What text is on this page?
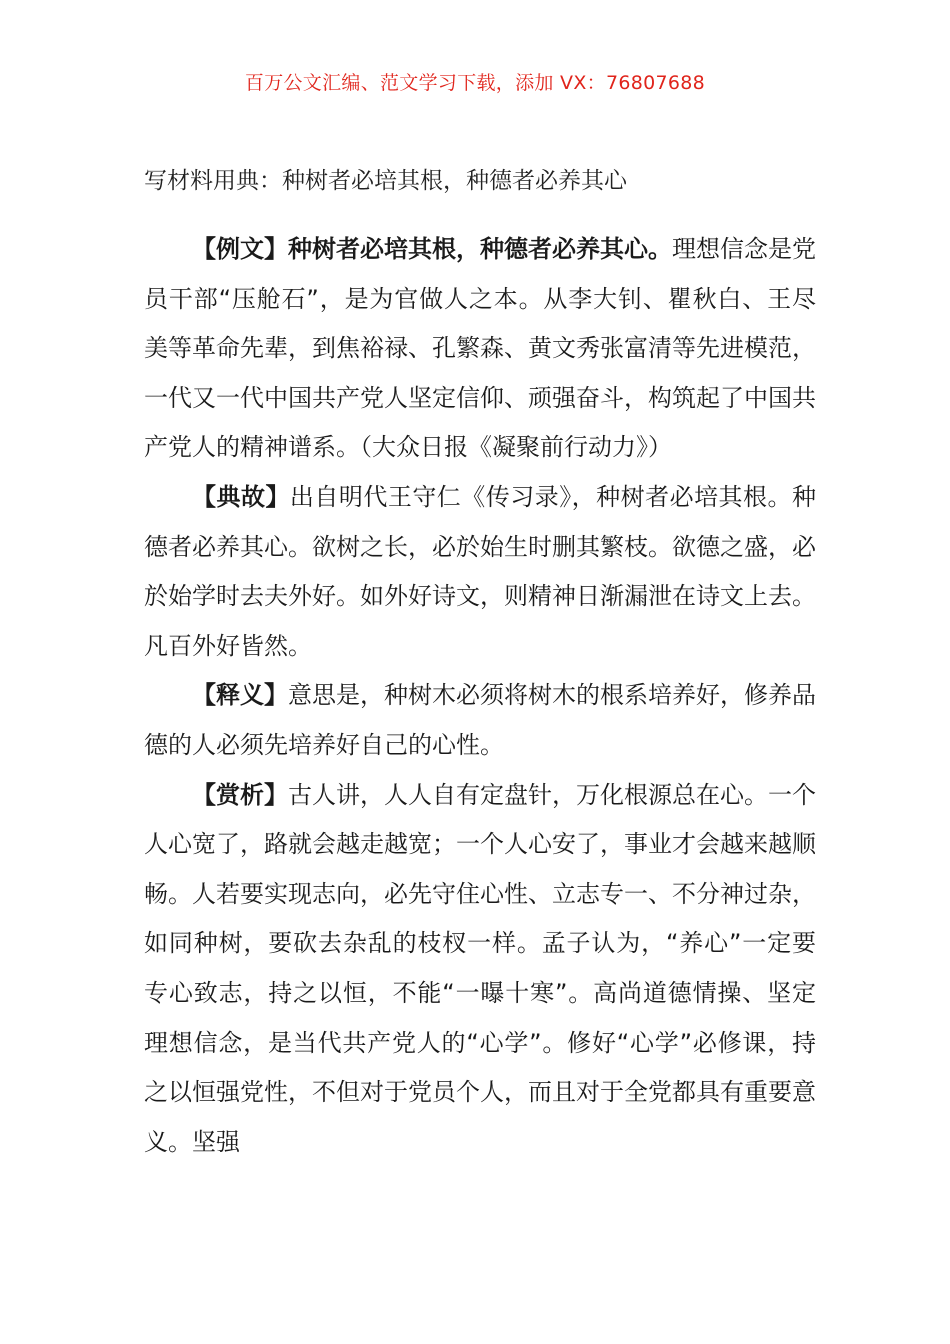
百万公文汇编、范文学习下载，添加 VX：76807688
写材料用典：种树者必培其根，种德者必养其心

【例文】种树者必培其根，种德者必养其心。理想信念是党员干部“压舱石”，是为官做人之本。从李大钊、瞿秋白、王尽美等革命先辈，到焦裕禄、孔繁森、黄文秀张富清等先进模范，一代又一代中国共产党人坚定信仰、顽强奋斗，构筑起了中国共产党人的精神谱系。（大众日报《凝聚前行动力》）

【典故】出自明代王守仁《传习录》，种树者必培其根。种德者必养其心。欲树之长，必於始生时删其繁枝。欲德之盛，必於始学时去夫外好。如外好诗文，则精神日渐漏泄在诗文上去。凡百外好皆然。

【释义】意思是，种树木必须将树木的根系培养好，修养品德的人必须先培养好自己的心性。

【赏析】古人讲，人人自有定盘针，万化根源总在心。一个人心宽了，路就会越走越宽；一个人心安了，事业才会越来越顺畅。人若要实现志向，必先守住心性、立志专一、不分神过杂，如同种树，要砍去杂乱的枝杈一样。孟子认为，“养心”一定要专心致志，持之以恒，不能“一曝十寒”。高尚道德情操、坚定理想信念，是当代共产党人的“心学”。修好“心学”必修课，持之以恒强党性，不但对于党员个人，而且对于全党都具有重要意义。坚强
